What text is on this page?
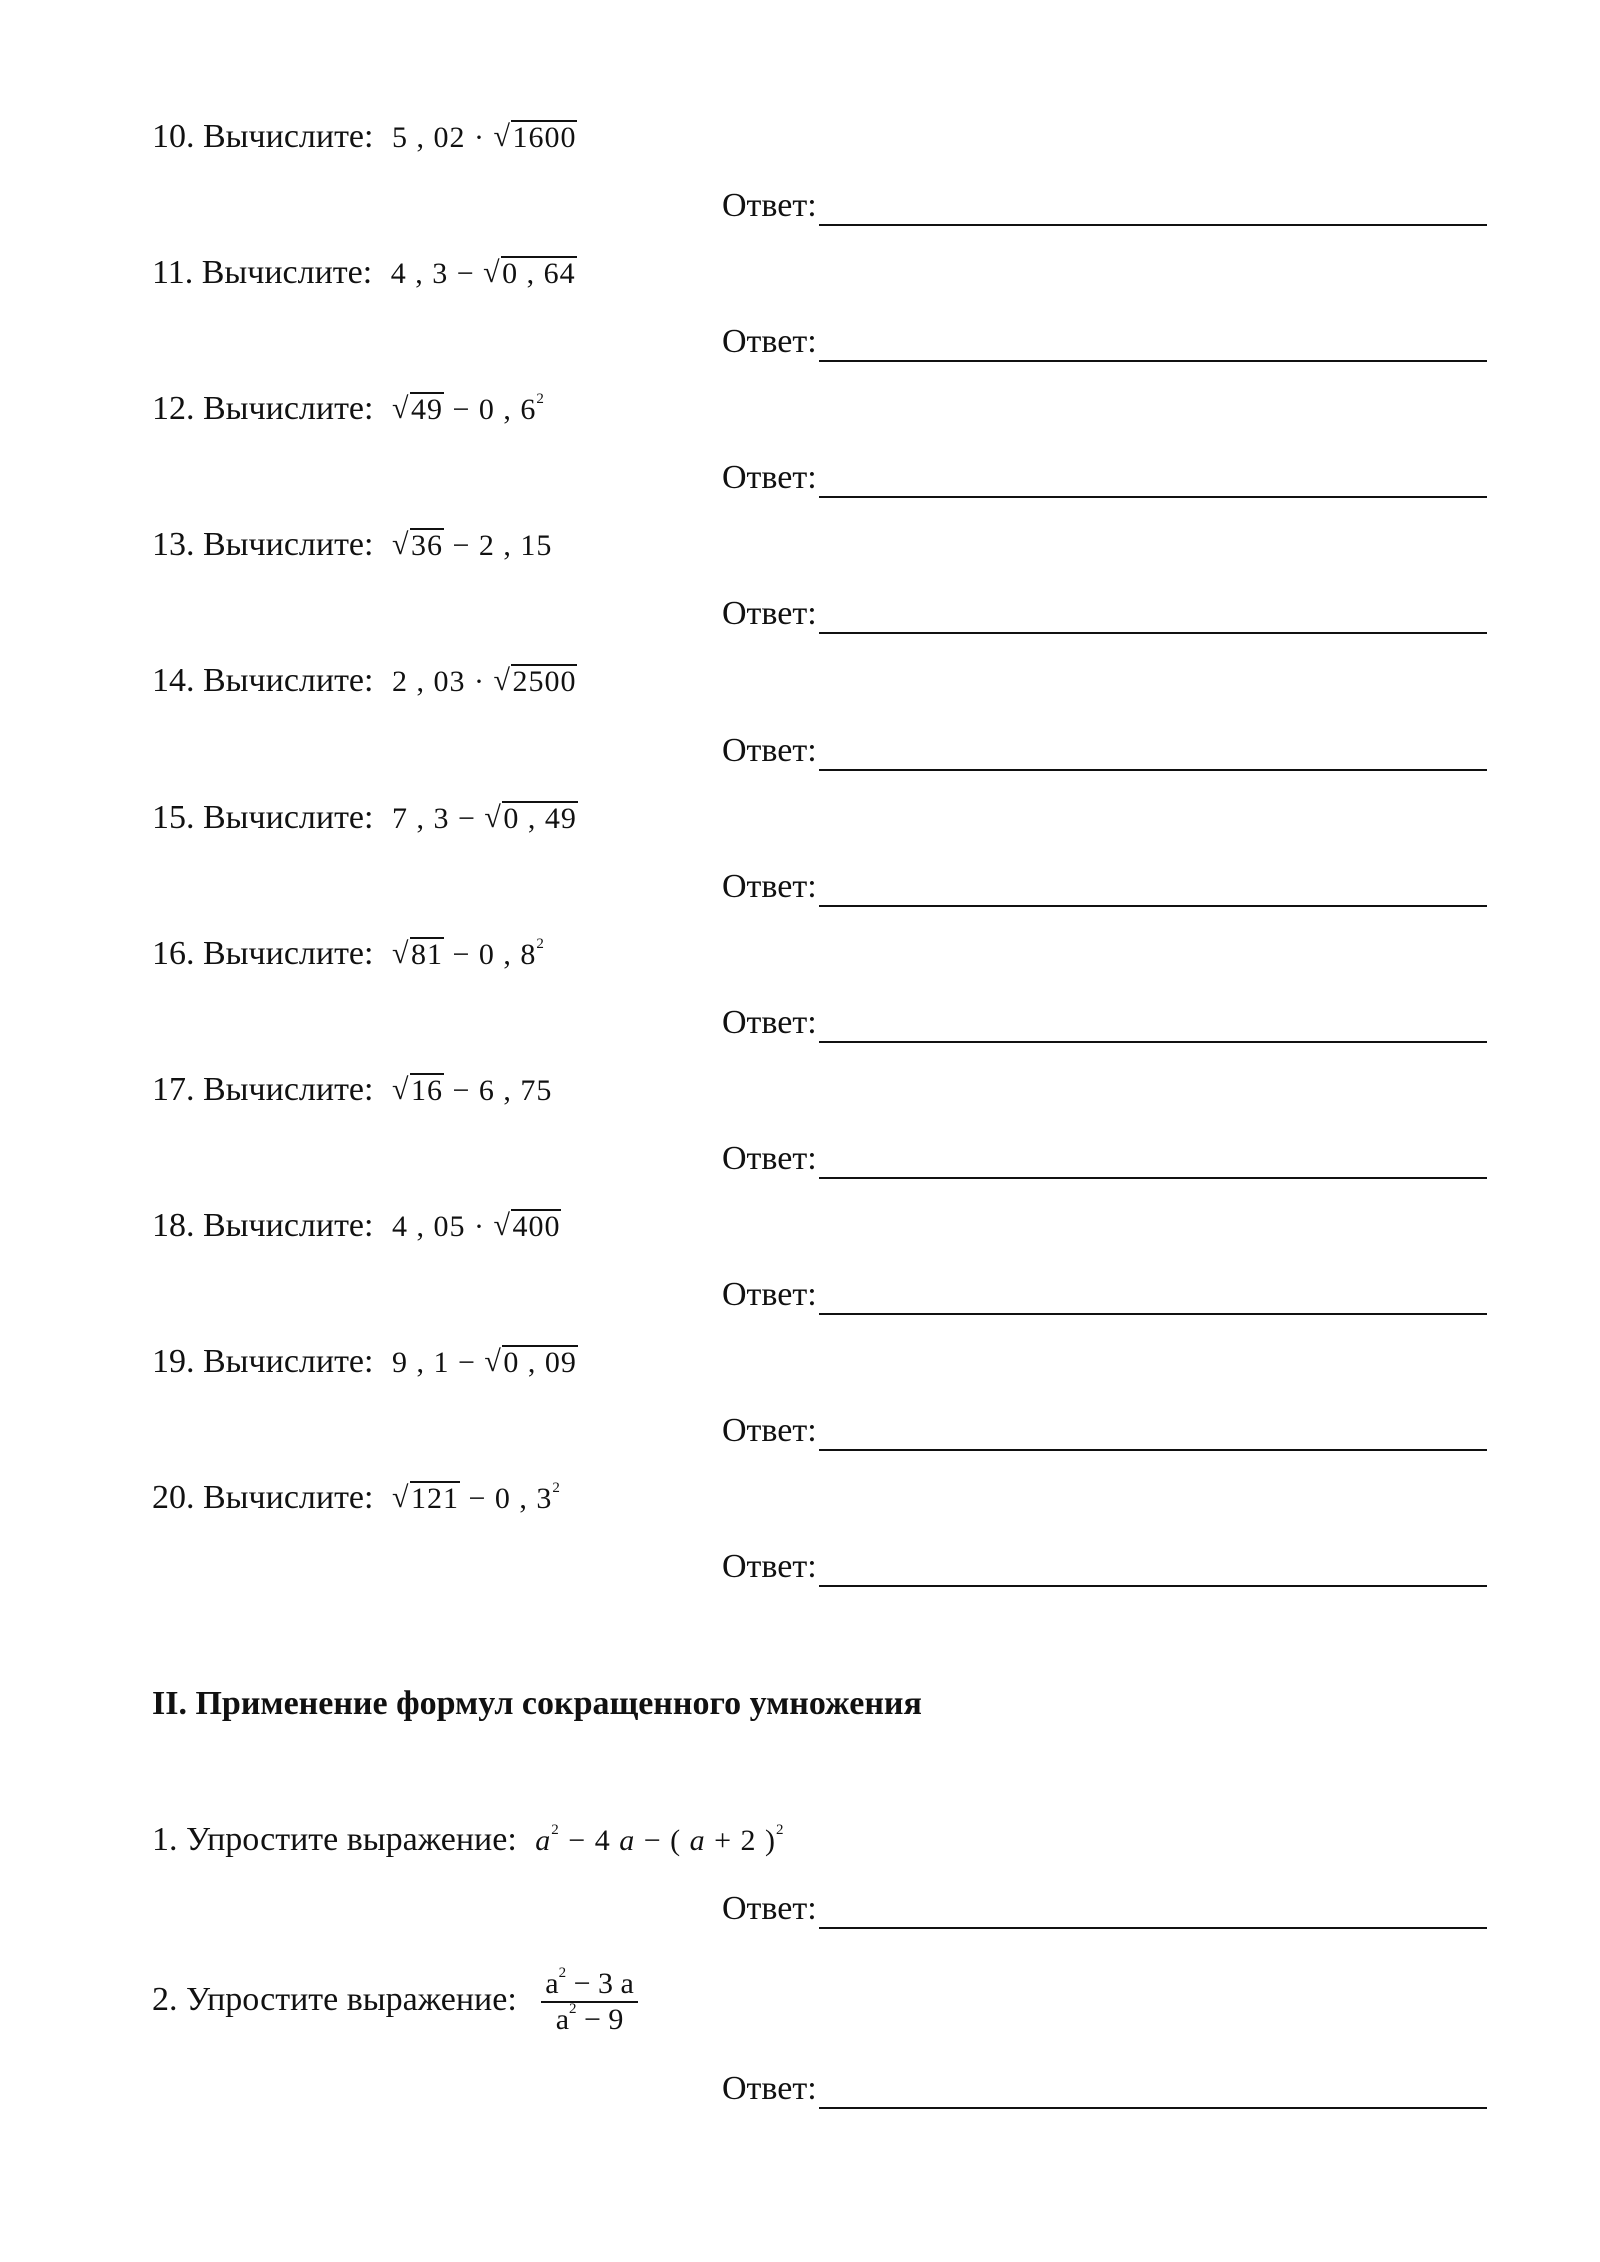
10. Вычислите: 5 , 02 · √ 1600
Ответ:
11. Вычислите: 4 , 3 − √ 0 , 64
Ответ:
12. Вычислите: √ 49 − 0 , $6^2$
Ответ:
13. Вычислите: √ 36 − 2 , 15
Ответ:
14. Вычислите: 2 , 03 · √ 2500
Ответ:
15. Вычислите: 7 , 3 − √ 0 , 49
Ответ:
16. Вычислите: √ 81 − 0 , $8^2$
Ответ:
17. Вычислите: √ 16 − 6 , 75
Ответ:
18. Вычислите: 4 , 05 · √ 400
Ответ:
19. Вычислите: 9 , 1 − √ 0 , 09
Ответ:
20. Вычислите: √ 121 − 0 , $3^2$
Ответ:
II. Применение формул сокращенного умножения
1. Упростите выражение: $a^2 - 4$ a − ( a + 2 )$^2$
Ответ:
2. Упростите выражение: $\frac{a^2 - 3 a}{a^2 - 9}$
Ответ:
